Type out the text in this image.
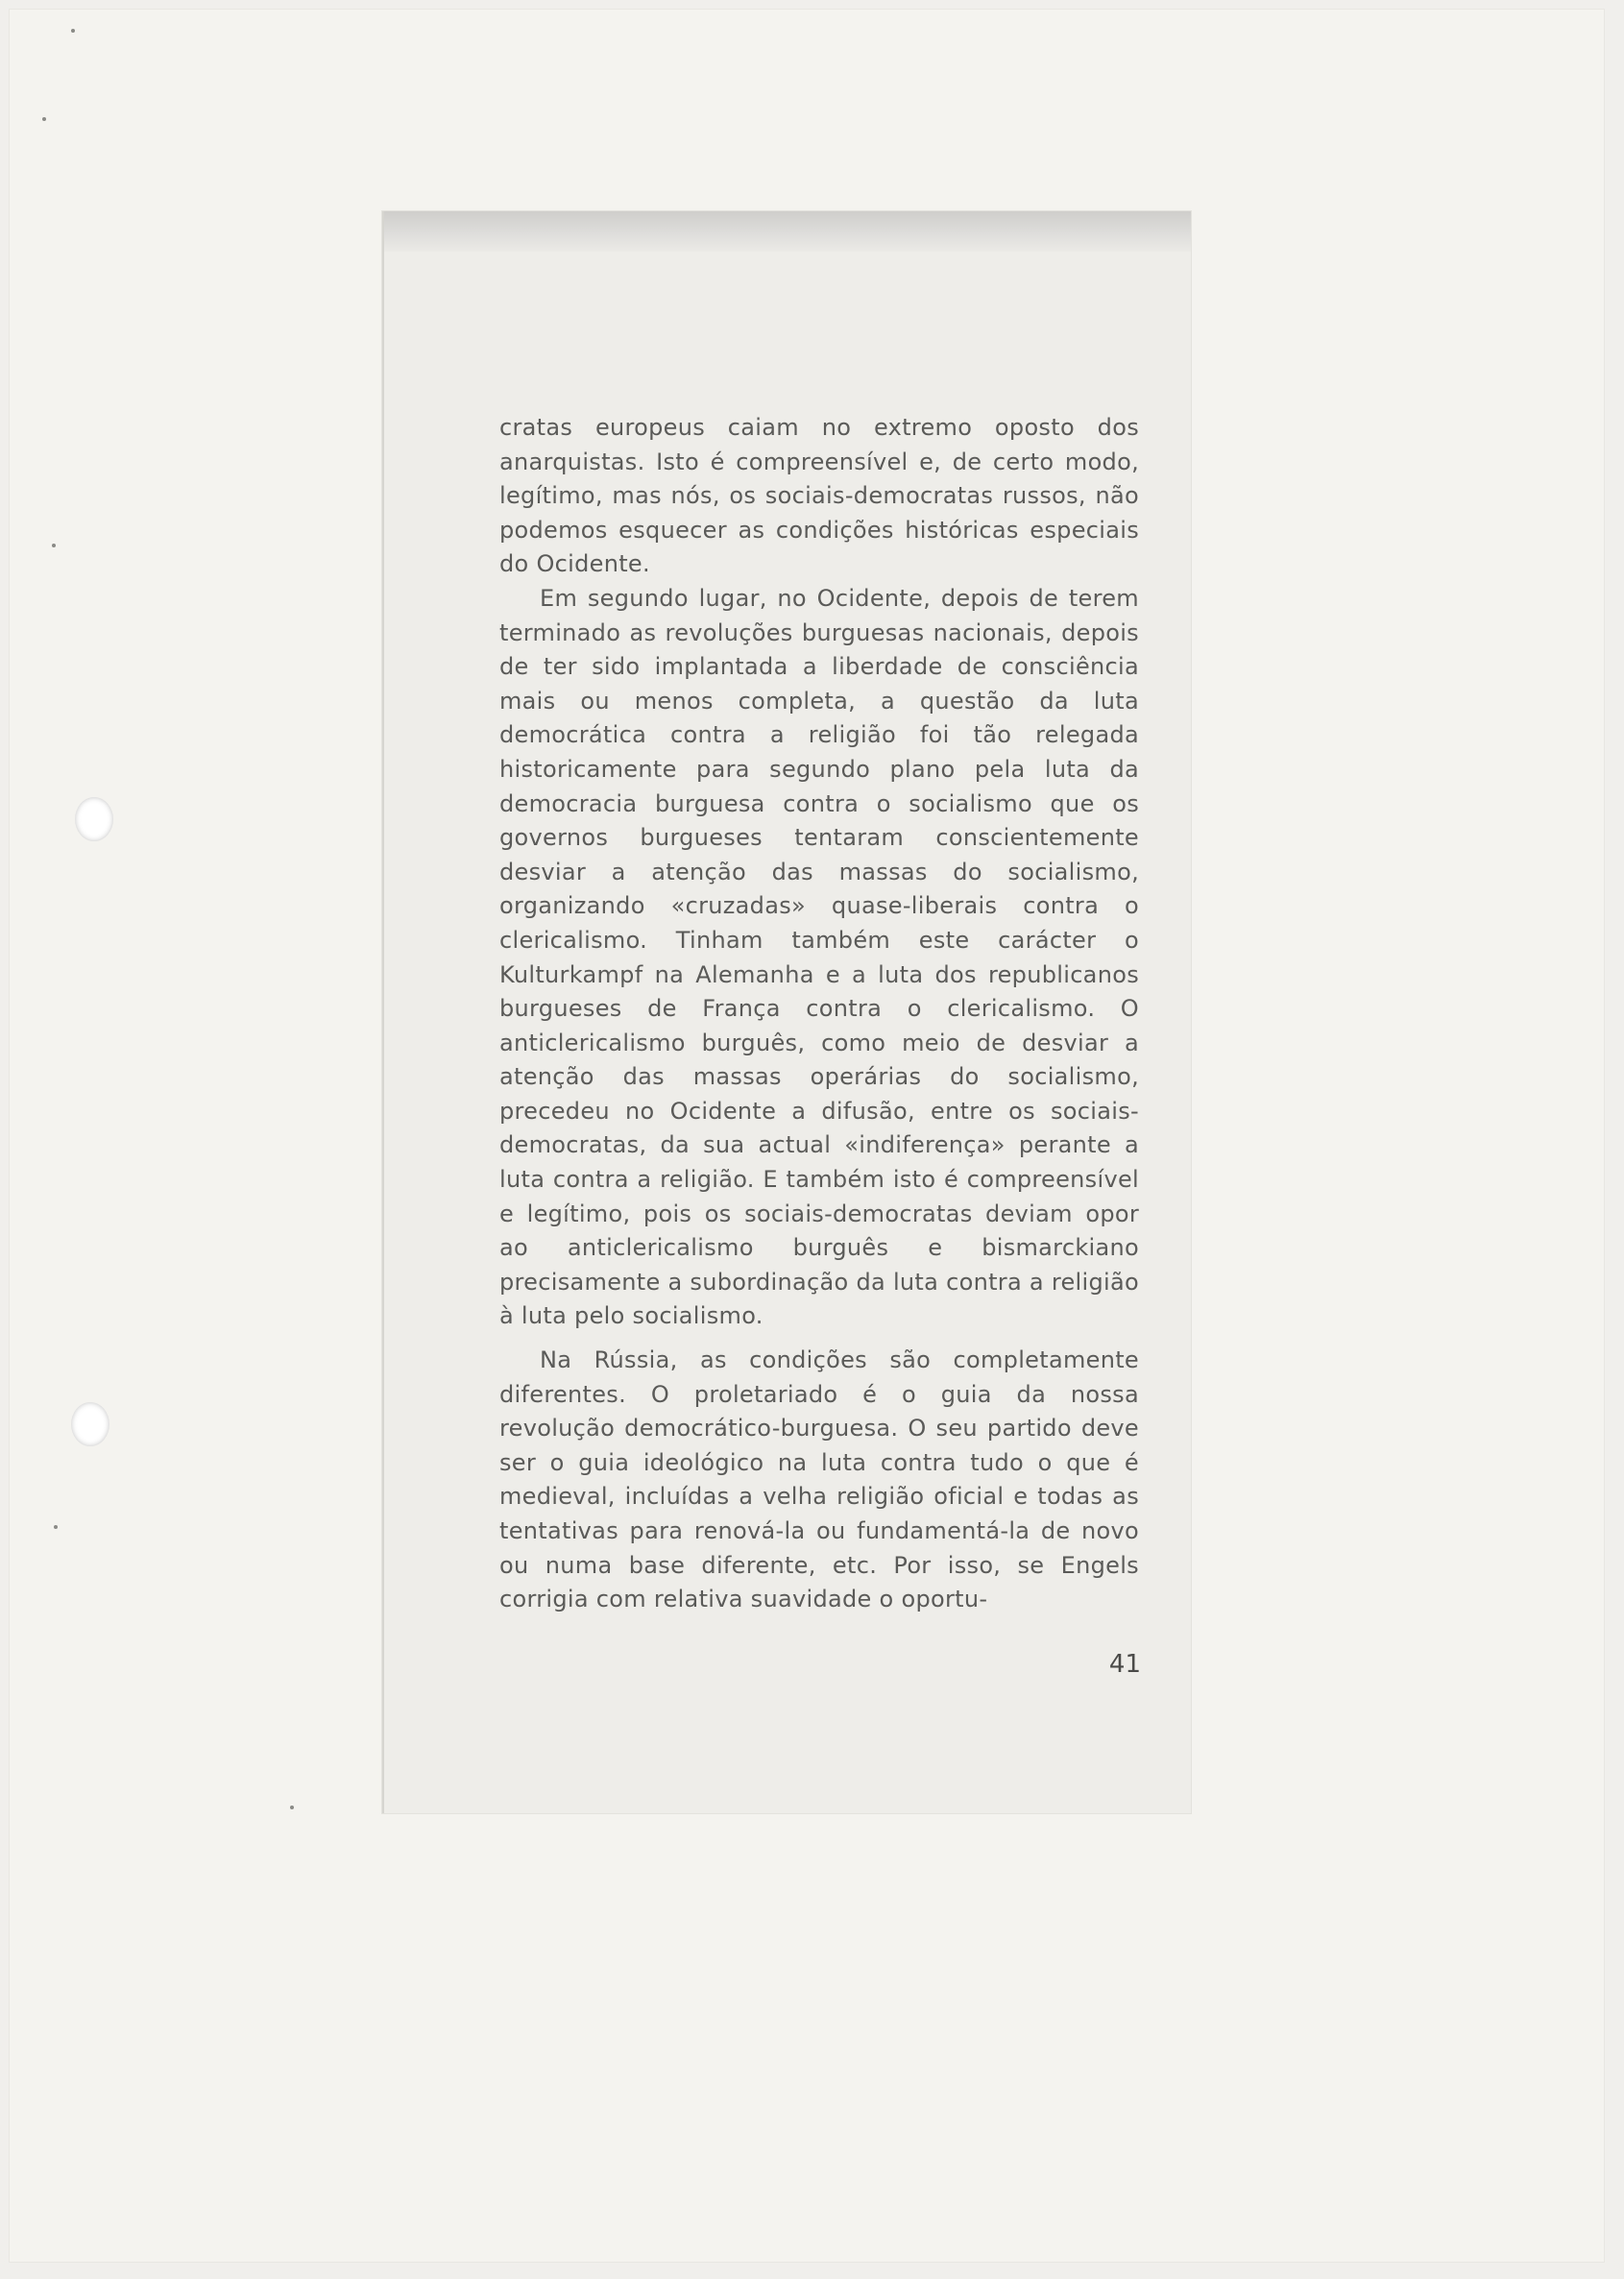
cratas europeus caiam no extremo oposto dos anarquistas. Isto é compreensível e, de certo modo, legítimo, mas nós, os sociais-democratas russos, não podemos esquecer as condições históricas especiais do Ocidente.

Em segundo lugar, no Ocidente, depois de terem terminado as revoluções burguesas nacionais, depois de ter sido implantada a liberdade de consciência mais ou menos completa, a questão da luta democrática contra a religião foi tão relegada historicamente para segundo plano pela luta da democracia burguesa contra o socialismo que os governos burgueses tentaram conscientemente desviar a atenção das massas do socialismo, organizando «cruzadas» quase-liberais contra o clericalismo. Tinham também este carácter o Kulturkampf na Alemanha e a luta dos republicanos burgueses de França contra o clericalismo. O anticlericalismo burguês, como meio de desviar a atenção das massas operárias do socialismo, precedeu no Ocidente a difusão, entre os sociais-democratas, da sua actual «indiferença» perante a luta contra a religião. E também isto é compreensível e legítimo, pois os sociais-democratas deviam opor ao anticlericalismo burguês e bismarckiano precisamente a subordinação da luta contra a religião à luta pelo socialismo.

Na Rússia, as condições são completamente diferentes. O proletariado é o guia da nossa revolução democrático-burguesa. O seu partido deve ser o guia ideológico na luta contra tudo o que é medieval, incluídas a velha religião oficial e todas as tentativas para renová-la ou fundamentá-la de novo ou numa base diferente, etc. Por isso, se Engels corrigia com relativa suavidade o oportu-

41
